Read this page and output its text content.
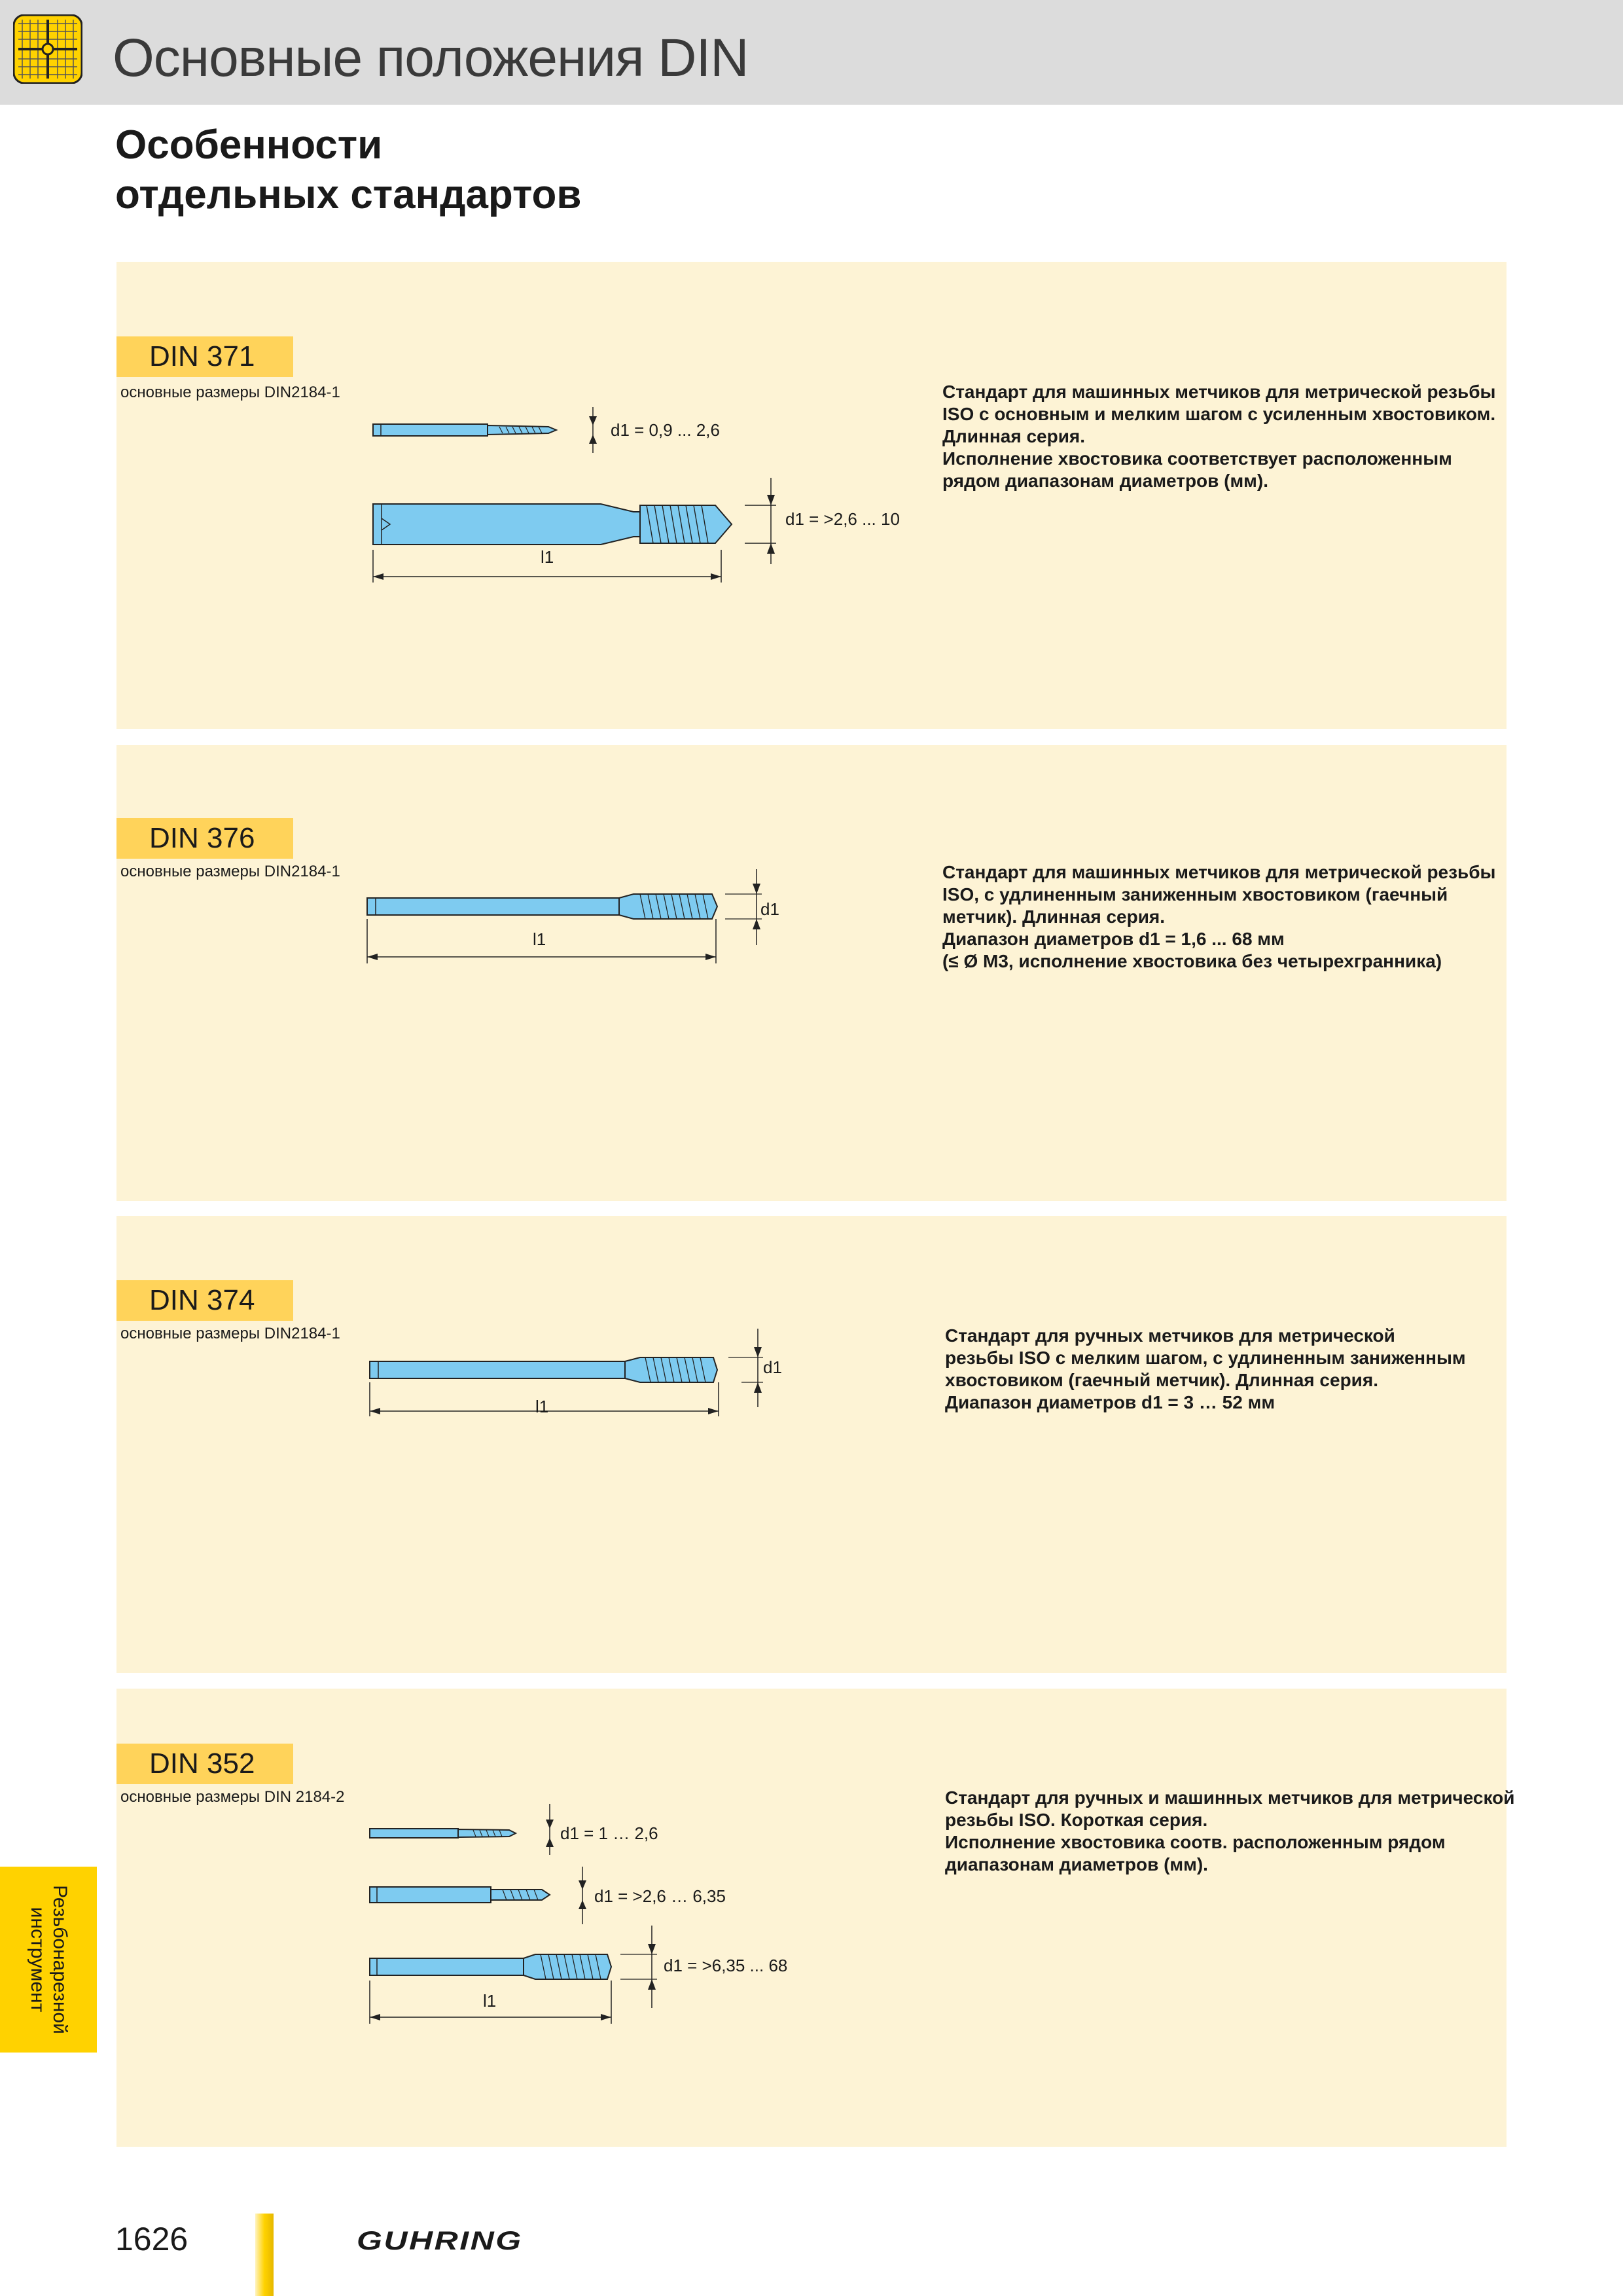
Основные положения DIN
Особенности
отдельных стандартов
DIN 371
основные размеры DIN2184-1
d1 = 0,9 ... 2,6
d1 = >2,6 ... 10
l1
Стандарт для машинных метчиков для метрической резьбы
ISO с основным и мелким шагом с усиленным хвостовиком.
Длинная серия.
Исполнение хвостовика соответствует расположенным
рядом диапазонам диаметров (мм).
DIN 376
основные размеры DIN2184-1
d1
l1
Стандарт для машинных метчиков для метрической резьбы
ISO, с удлиненным заниженным хвостовиком (гаечный
метчик). Длинная серия.
Диапазон диаметров d1 = 1,6 ... 68 мм
(≤ Ø M3, исполнение хвостовика без четырехгранника)
DIN 374
основные размеры DIN2184-1
d1
l1
Стандарт для ручных метчиков для метрической
резьбы ISO с мелким шагом, с удлиненным заниженным
хвостовиком (гаечный метчик). Длинная серия.
Диапазон диаметров d1 = 3 … 52 мм
DIN 352
основные размеры DIN 2184-2
d1 = 1 … 2,6
d1 = >2,6 … 6,35
d1 = >6,35 ... 68
l1
Стандарт для ручных и машинных метчиков для метрической
резьбы ISO. Короткая серия.
Исполнение хвостовика соотв. расположенным рядом
диапазонам диаметров (мм).
Резьбонарезной
инструмент
1626	GUHRING
